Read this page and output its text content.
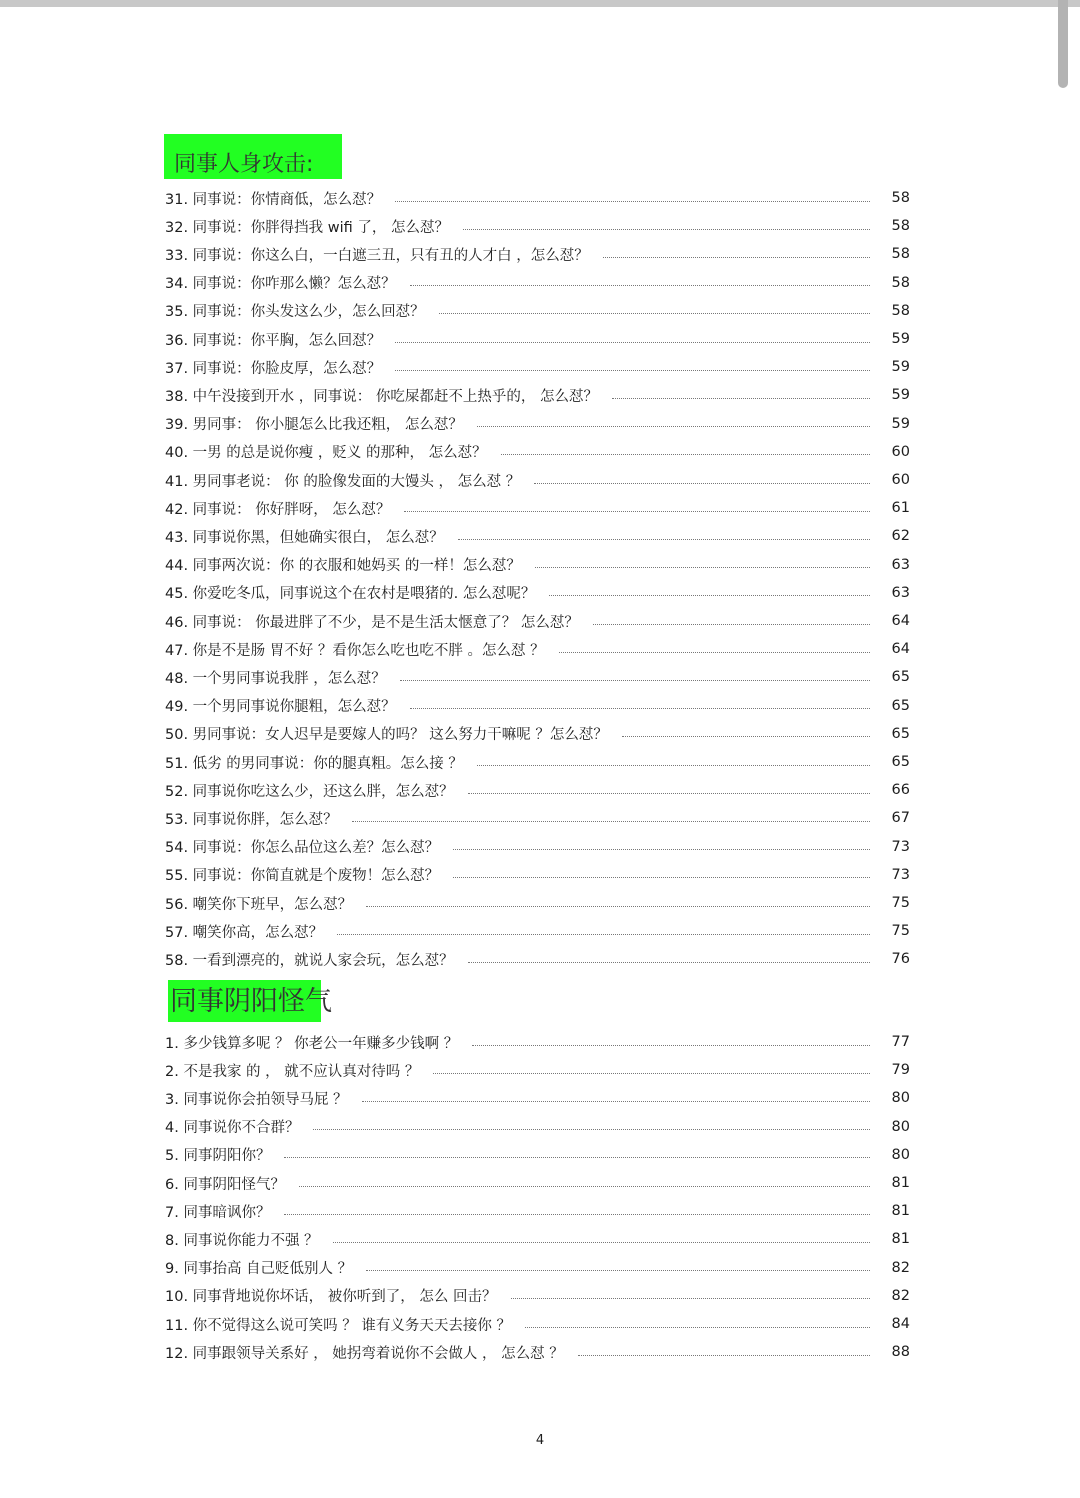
同事人身攻击:
31. 同事说：你情商低，怎么怼？	58
32. 同事说：你胖得挡我 wifi 了， 怎么怼？	58
33. 同事说：你这么白，一白遮三丑，只有丑的人才白 ，怎么怼？	58
34. 同事说：你咋那么懒？怎么怼？	58
35. 同事说：你头发这么少，怎么回怼？	58
36. 同事说：你平胸，怎么回怼？	59
37. 同事说：你脸皮厚，怎么怼？	59
38. 中午没接到开水 ，同事说： 你吃屎都赶不上热乎的， 怎么怼？	59
39. 男同事： 你小腿怎么比我还粗， 怎么怼？	59
40. 一男 的总是说你瘦 ，贬义 的那种， 怎么怼？	60
41. 男同事老说： 你 的脸像发面的大馒头 ， 怎么怼 ？	60
42. 同事说： 你好胖呀， 怎么怼？	61
43. 同事说你黑，但她确实很白， 怎么怼？	62
44. 同事两次说：你 的衣服和她妈买 的一样！怎么怼？	63
45. 你爱吃冬瓜，同事说这个在农村是喂猪的. 怎么怼呢？	63
46. 同事说： 你最进胖了不少，是不是生活太惬意了？ 怎么怼？	64
47. 你是不是肠 胃不好 ？看你怎么吃也吃不胖 。怎么怼 ？	64
48. 一个男同事说我胖 ，怎么怼？	65
49. 一个男同事说你腿粗，怎么怼？	65
50. 男同事说：女人迟早是要嫁人的吗？ 这么努力干嘛呢 ？怎么怼？	65
51. 低劣 的男同事说：你的腿真粗。怎么接 ？	65
52. 同事说你吃这么少，还这么胖，怎么怼？	66
53. 同事说你胖，怎么怼？	67
54. 同事说：你怎么品位这么差？怎么怼？	73
55. 同事说：你简直就是个废物！怎么怼？	73
56. 嘲笑你下班早，怎么怼？	75
57. 嘲笑你高，怎么怼？	75
58. 一看到漂亮的，就说人家会玩，怎么怼？	76
同事阴阳怪气
1. 多少钱算多呢 ？ 你老公一年赚多少钱啊 ？	77
2. 不是我家 的 ， 就不应认真对待吗 ？	79
3. 同事说你会拍领导马屁 ？	80
4. 同事说你不合群？	80
5. 同事阴阳你？	80
6. 同事阴阳怪气？	81
7. 同事暗讽你？	81
8. 同事说你能力不强 ？	81
9. 同事抬高 自己贬低别人 ？	82
10. 同事背地说你坏话， 被你听到了， 怎么 回击？	82
11. 你不觉得这么说可笑吗 ？ 谁有义务天天去接你 ？	84
12. 同事跟领导关系好 ， 她拐弯着说你不会做人 ， 怎么怼 ？	88
4
